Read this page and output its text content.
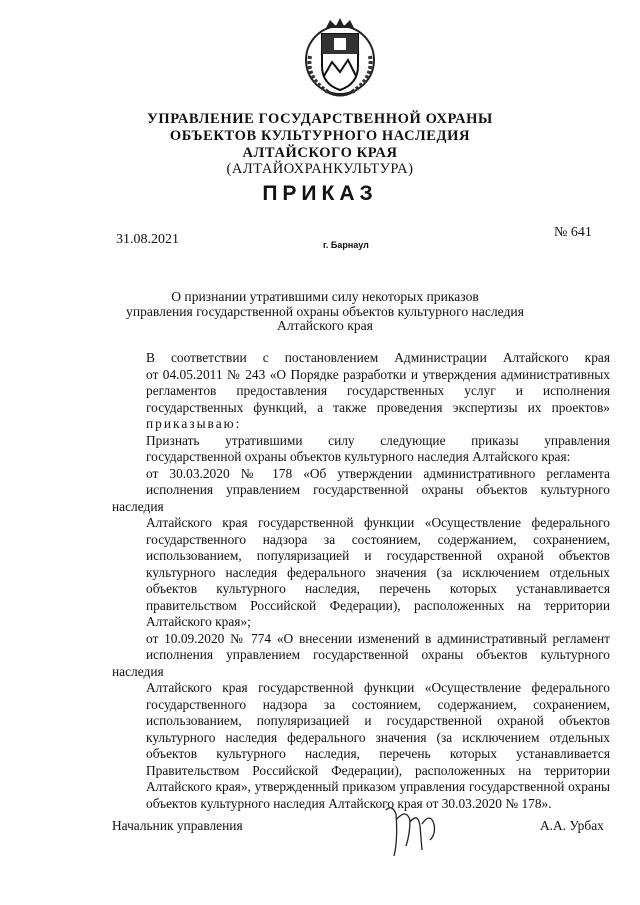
УПРАВЛЕНИЕ ГОСУДАРСТВЕННОЙ ОХРАНЫ
ОБЪЕКТОВ КУЛЬТУРНОГО НАСЛЕДИЯ
АЛТАЙСКОГО КРАЯ
(АЛТАЙОХРАНКУЛЬТУРА)
ПРИКАЗ
31.08.2021	№ 641
г. Барнаул
О признании утратившими силу некоторых приказов
управления государственной охраны объектов культурного наследия
Алтайского края

В соответствии с постановлением Администрации Алтайского края
от 04.05.2011 № 243 «О Порядке разработки и утверждения административных
регламентов предоставления государственных услуг и исполнения
государственных функций, а также проведения экспертизы их проектов»
приказываю:

Признать утратившими силу следующие приказы управления
государственной охраны объектов культурного наследия Алтайского края:

от 30.03.2020 № 178 «Об утверждении административного регламента
исполнения управлением государственной охраны объектов культурного наследия
Алтайского края государственной функции «Осуществление федерального
государственного надзора за состоянием, содержанием, сохранением,
использованием, популяризацией и государственной охраной объектов
культурного наследия федерального значения (за исключением отдельных
объектов культурного наследия, перечень которых устанавливается
правительством Российской Федерации), расположенных на территории
Алтайского края»;

от 10.09.2020 № 774 «О внесении изменений в административный регламент
исполнения управлением государственной охраны объектов культурного наследия
Алтайского края государственной функции «Осуществление федерального
государственного надзора за состоянием, содержанием, сохранением,
использованием, популяризацией и государственной охраной объектов
культурного наследия федерального значения (за исключением отдельных
объектов культурного наследия, перечень которых устанавливается
Правительством Российской Федерации), расположенных на территории
Алтайского края», утвержденный приказом управления государственной охраны
объектов культурного наследия Алтайского края от 30.03.2020 № 178».

Начальник управления	А.А. Урбах
